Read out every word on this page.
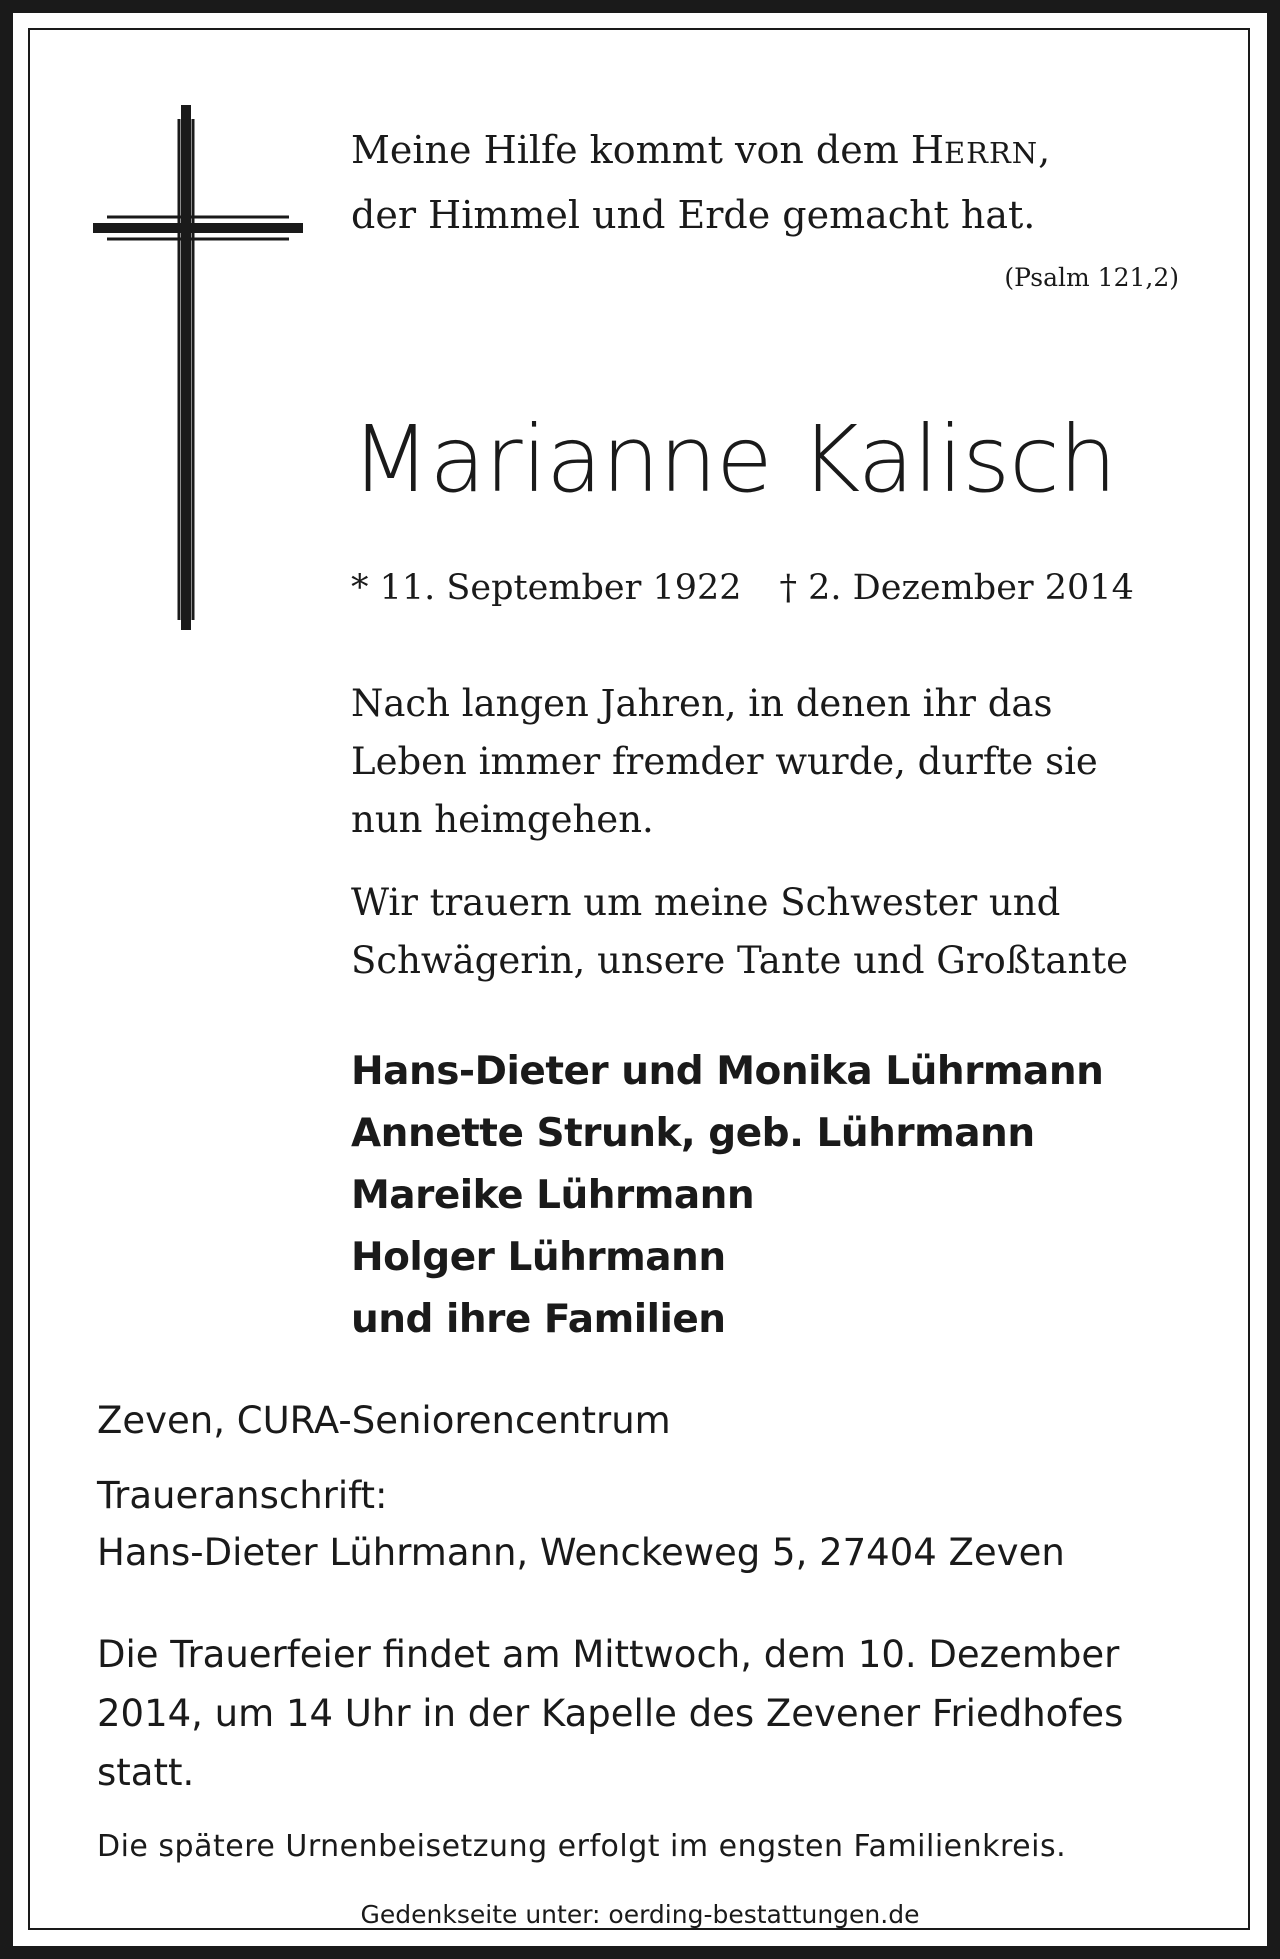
Meine Hilfe kommt von dem HERRN,
der Himmel und Erde gemacht hat.
(Psalm 121,2)
Marianne Kalisch
* 11. September 1922 † 2. Dezember 2014
Nach langen Jahren, in denen ihr das
Leben immer fremder wurde, durfte sie
nun heimgehen.
Wir trauern um meine Schwester und
Schwägerin, unsere Tante und Großtante
Hans-Dieter und Monika Lührmann
Annette Strunk, geb. Lührmann
Mareike Lührmann
Holger Lührmann
und ihre Familien
Zeven, CURA-Seniorencentrum
Traueranschrift:
Hans-Dieter Lührmann, Wenckeweg 5, 27404 Zeven
Die Trauerfeier findet am Mittwoch, dem 10. Dezember
2014, um 14 Uhr in der Kapelle des Zevener Friedhofes
statt.
Die spätere Urnenbeisetzung erfolgt im engsten Familienkreis.
Gedenkseite unter: oerding-bestattungen.de
